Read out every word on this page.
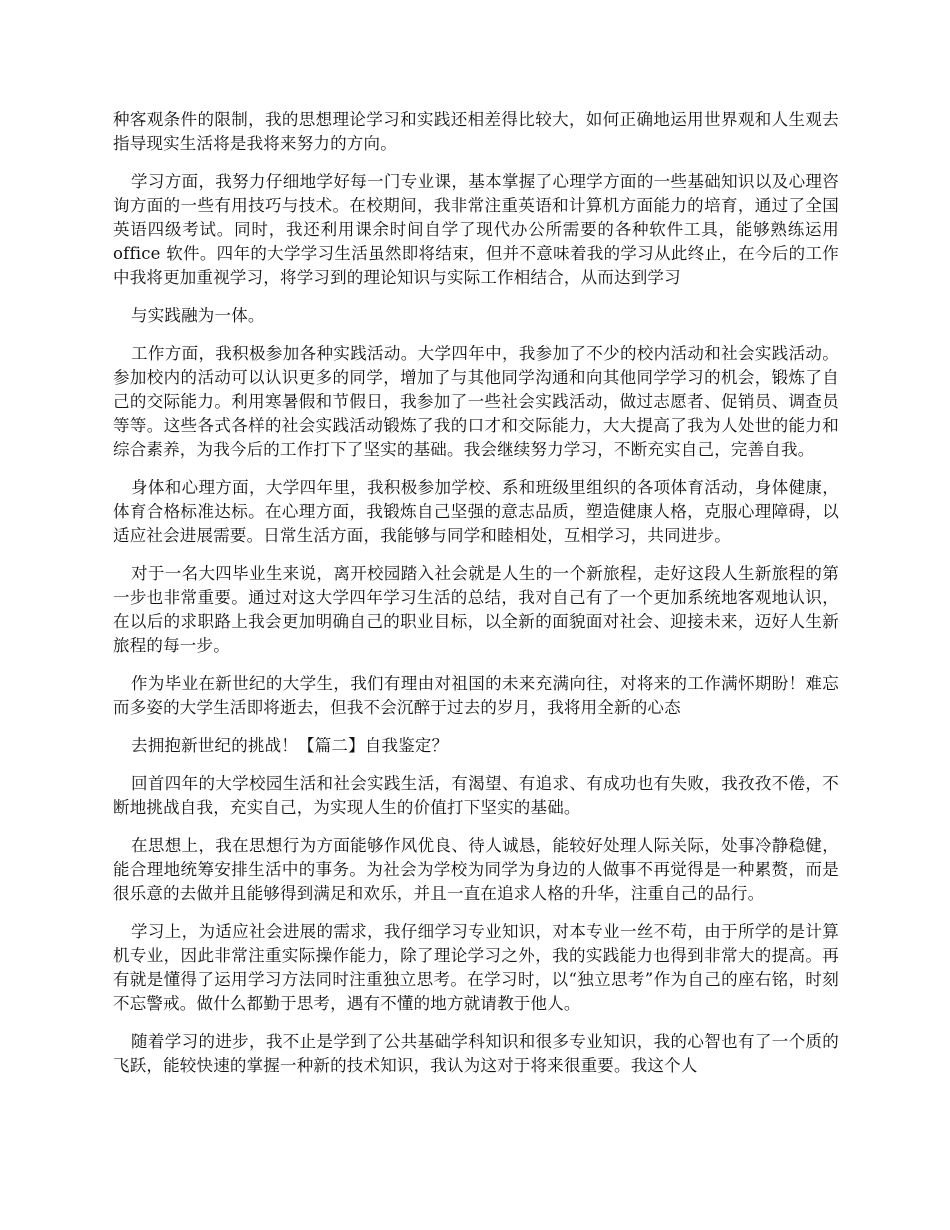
种客观条件的限制，我的思想理论学习和实践还相差得比较大，如何正确地运用世界观和人生观去指导现实生活将是我将来努力的方向。

学习方面，我努力仔细地学好每一门专业课，基本掌握了心理学方面的一些基础知识以及心理咨询方面的一些有用技巧与技术。在校期间，我非常注重英语和计算机方面能力的培育，通过了全国英语四级考试。同时，我还利用课余时间自学了现代办公所需要的各种软件工具，能够熟练运用 office 软件。四年的大学学习生活虽然即将结束，但并不意味着我的学习从此终止，在今后的工作中我将更加重视学习，将学习到的理论知识与实际工作相结合，从而达到学习

与实践融为一体。

工作方面，我积极参加各种实践活动。大学四年中，我参加了不少的校内活动和社会实践活动。参加校内的活动可以认识更多的同学，增加了与其他同学沟通和向其他同学学习的机会，锻炼了自己的交际能力。利用寒暑假和节假日，我参加了一些社会实践活动，做过志愿者、促销员、调查员等等。这些各式各样的社会实践活动锻炼了我的口才和交际能力，大大提高了我为人处世的能力和综合素养，为我今后的工作打下了坚实的基础。我会继续努力学习，不断充实自己，完善自我。

身体和心理方面，大学四年里，我积极参加学校、系和班级里组织的各项体育活动，身体健康，体育合格标准达标。在心理方面，我锻炼自己坚强的意志品质，塑造健康人格，克服心理障碍，以适应社会进展需要。日常生活方面，我能够与同学和睦相处，互相学习，共同进步。

对于一名大四毕业生来说，离开校园踏入社会就是人生的一个新旅程，走好这段人生新旅程的第一步也非常重要。通过对这大学四年学习生活的总结，我对自己有了一个更加系统地客观地认识，在以后的求职路上我会更加明确自己的职业目标，以全新的面貌面对社会、迎接未来，迈好人生新旅程的每一步。

作为毕业在新世纪的大学生，我们有理由对祖国的未来充满向往，对将来的工作满怀期盼！难忘而多姿的大学生活即将逝去，但我不会沉醉于过去的岁月，我将用全新的心态

去拥抱新世纪的挑战！【篇二】自我鉴定？

回首四年的大学校园生活和社会实践生活，有渴望、有追求、有成功也有失败，我孜孜不倦，不断地挑战自我，充实自己，为实现人生的价值打下坚实的基础。

在思想上，我在思想行为方面能够作风优良、待人诚恳，能较好处理人际关际，处事冷静稳健，能合理地统筹安排生活中的事务。为社会为学校为同学为身边的人做事不再觉得是一种累赘，而是很乐意的去做并且能够得到满足和欢乐，并且一直在追求人格的升华，注重自己的品行。

学习上，为适应社会进展的需求，我仔细学习专业知识，对本专业一丝不苟，由于所学的是计算机专业，因此非常注重实际操作能力，除了理论学习之外，我的实践能力也得到非常大的提高。再有就是懂得了运用学习方法同时注重独立思考。在学习时，以“独立思考”作为自己的座右铭，时刻不忘警戒。做什么都勤于思考，遇有不懂的地方就请教于他人。

随着学习的进步，我不止是学到了公共基础学科知识和很多专业知识，我的心智也有了一个质的飞跃，能较快速的掌握一种新的技术知识，我认为这对于将来很重要。我这个人
